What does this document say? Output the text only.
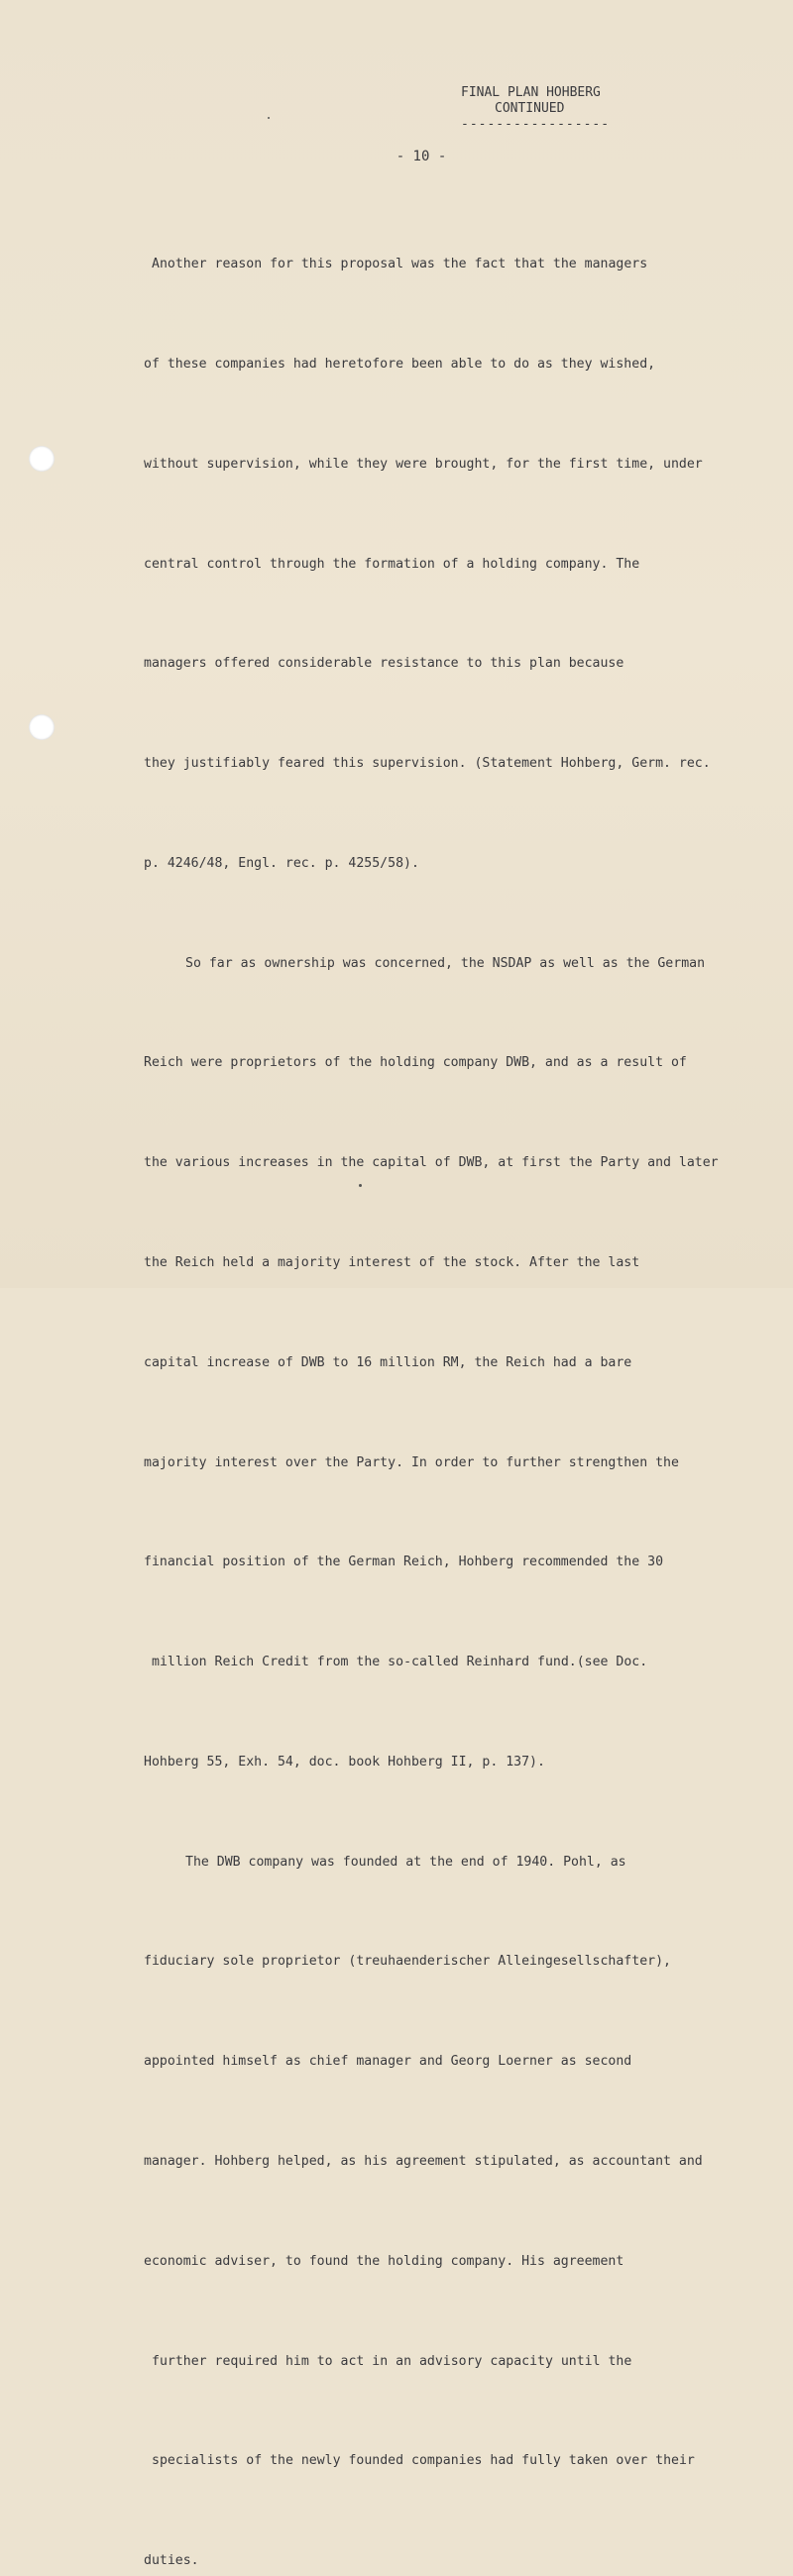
FINAL PLAN HOHBERG
CONTINUED
-----------------
- 10 -

Another reason for this proposal was the fact that the managers

of these companies had heretofore been able to do as they wished,

without supervision, while they were brought, for the first time, under

central control through the formation of a holding company. The

managers offered considerable resistance to this plan because

they justifiably feared this supervision. (Statement Hohberg, Germ. rec.

p. 4246/48, Engl. rec. p. 4255/58).

So far as ownership was concerned, the NSDAP as well as the German

Reich were proprietors of the holding company DWB, and as a result of

the various increases in the capital of DWB, at first the Party and later

the Reich held a majority interest of the stock. After the last

capital increase of DWB to 16 million RM, the Reich had a bare

majority interest over the Party. In order to further strengthen the

financial position of the German Reich, Hohberg recommended the 30

million Reich Credit from the so-called Reinhard fund.(see Doc.

Hohberg 55, Exh. 54, doc. book Hohberg II, p. 137).

The DWB company was founded at the end of 1940. Pohl, as

fiduciary sole proprietor (treuhaenderischer Alleingesellschafter),

appointed himself as chief manager and Georg Loerner as second

manager. Hohberg helped, as his agreement stipulated, as accountant and

economic adviser, to found the holding company. His agreement

further required him to act in an advisory capacity until the

specialists of the newly founded companies had fully taken over their

duties.
